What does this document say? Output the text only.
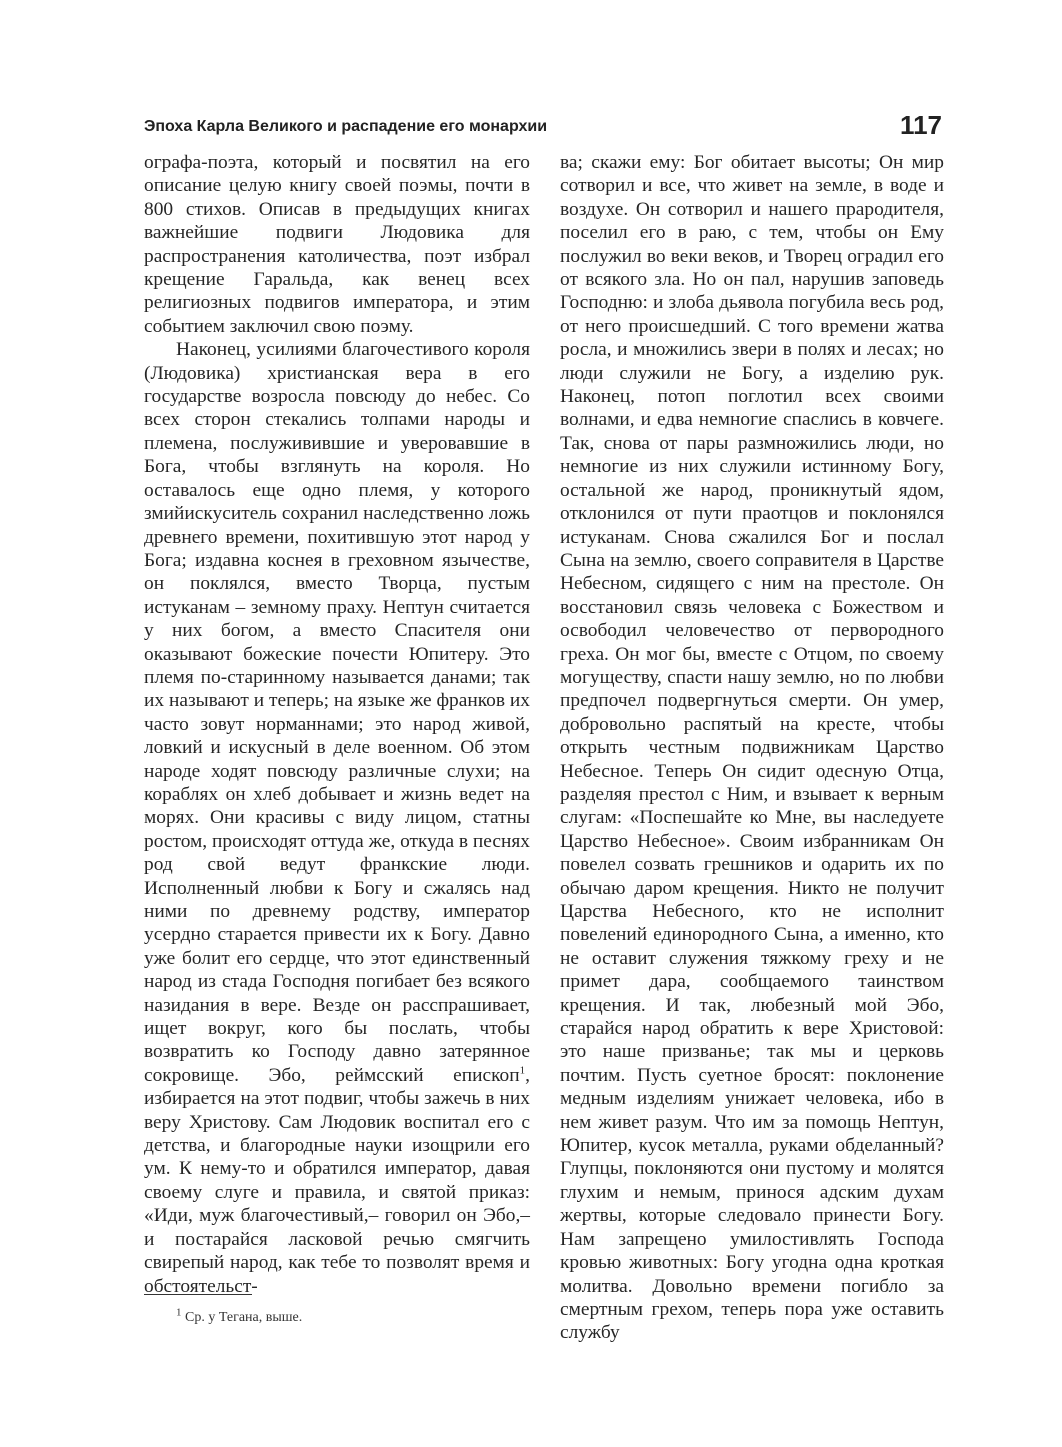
Эпоха Карла Великого и распадение его монархии	117

ографа-поэта, который и посвятил на его описание целую книгу своей поэмы, почти в 800 стихов. Описав в предыдущих книгах важнейшие подвиги Людовика для распространения католичества, поэт избрал крещение Гаральда, как венец всех религиозных подвигов императора, и этим событием заключил свою поэму.

Наконец, усилиями благочестивого короля (Людовика) христианская вера в его государстве возросла повсюду до небес. Со всех сторон стекались толпами народы и племена, послуживившие и уверовавшие в Бога, чтобы взглянуть на короля. Но оставалось еще одно племя, у которого змийискуситель сохранил наследственно ложь древнего времени, похитившую этот народ у Бога; издавна коснея в греховном язычестве, он поклялся, вместо Творца, пустым истуканам – земному праху. Нептун считается у них богом, а вместо Спасителя они оказывают божеские почести Юпитеру. Это племя по-старинному называется данами; так их называют и теперь; на языке же франков их часто зовут норманнами; это народ живой, ловкий и искусный в деле военном. Об этом народе ходят повсюду различные слухи; на кораблях он хлеб добывает и жизнь ведет на морях. Они красивы с виду лицом, статны ростом, происходят оттуда же, откуда в песнях род свой ведут франкские люди. Исполненный любви к Богу и сжалясь над ними по древнему родству, император усердно старается привести их к Богу. Давно уже болит его сердце, что этот единственный народ из стада Господня погибает без всякого назидания в вере. Везде он расспрашивает, ищет вокруг, кого бы послать, чтобы возвратить ко Господу давно затерянное сокровище. Эбо, реймсский епископ$^1$, избирается на этот подвиг, чтобы зажечь в них веру Христову. Сам Людовик воспитал его с детства, и благородные науки изощрили его ум. К нему-то и обратился император, давая своему слуге и правила, и святой приказ: «Иди, муж благочестивый,– говорил он Эбо,– и постарайся ласковой речью смягчить свирепый народ, как тебе то позволят время и обстоятельст-

ва; скажи ему: Бог обитает высоты; Он мир сотворил и все, что живет на земле, в воде и воздухе. Он сотворил и нашего прародителя, поселил его в раю, с тем, чтобы он Ему послужил во веки веков, и Творец оградил его от всякого зла. Но он пал, нарушив заповедь Господню: и злоба дьявола погубила весь род, от него происшедший. С того времени жатва росла, и множились звери в полях и лесах; но люди служили не Богу, а изделию рук. Наконец, потоп поглотил всех своими волнами, и едва немногие спаслись в ковчеге. Так, снова от пары размножились люди, но немногие из них служили истинному Богу, остальной же народ, проникнутый ядом, отклонился от пути праотцов и поклонялся истуканам. Снова сжалился Бог и послал Сына на землю, своего соправителя в Царстве Небесном, сидящего с ним на престоле. Он восстановил связь человека с Божеством и освободил человечество от первородного греха. Он мог бы, вместе с Отцом, по своему могуществу, спасти нашу землю, но по любви предпочел подвергнуться смерти. Он умер, добровольно распятый на кресте, чтобы открыть честным подвижникам Царство Небесное. Теперь Он сидит одесную Отца, разделяя престол с Ним, и взывает к верным слугам: «Поспешайте ко Мне, вы наследуете Царство Небесное». Своим избранникам Он повелел созвать грешников и одарить их по обычаю даром крещения. Никто не получит Царства Небесного, кто не исполнит повелений единородного Сына, а именно, кто не оставит служения тяжкому греху и не примет дара, сообщаемого таинством крещения. И так, любезный мой Эбо, старайся народ обратить к вере Христовой: это наше призванье; так мы и церковь почтим. Пусть суетное бросят: поклонение медным изделиям унижает человека, ибо в нем живет разум. Что им за помощь Нептун, Юпитер, кусок металла, руками обделанный? Глупцы, поклоняются они пустому и молятся глухим и немым, принося адским духам жертвы, которые следовало принести Богу. Нам запрещено умилостивлять Господа кровью животных: Богу угодна одна кроткая молитва. Довольно времени погибло за смертным грехом, теперь пора уже оставить службу

$^1$ Ср. у Тегана, выше.
